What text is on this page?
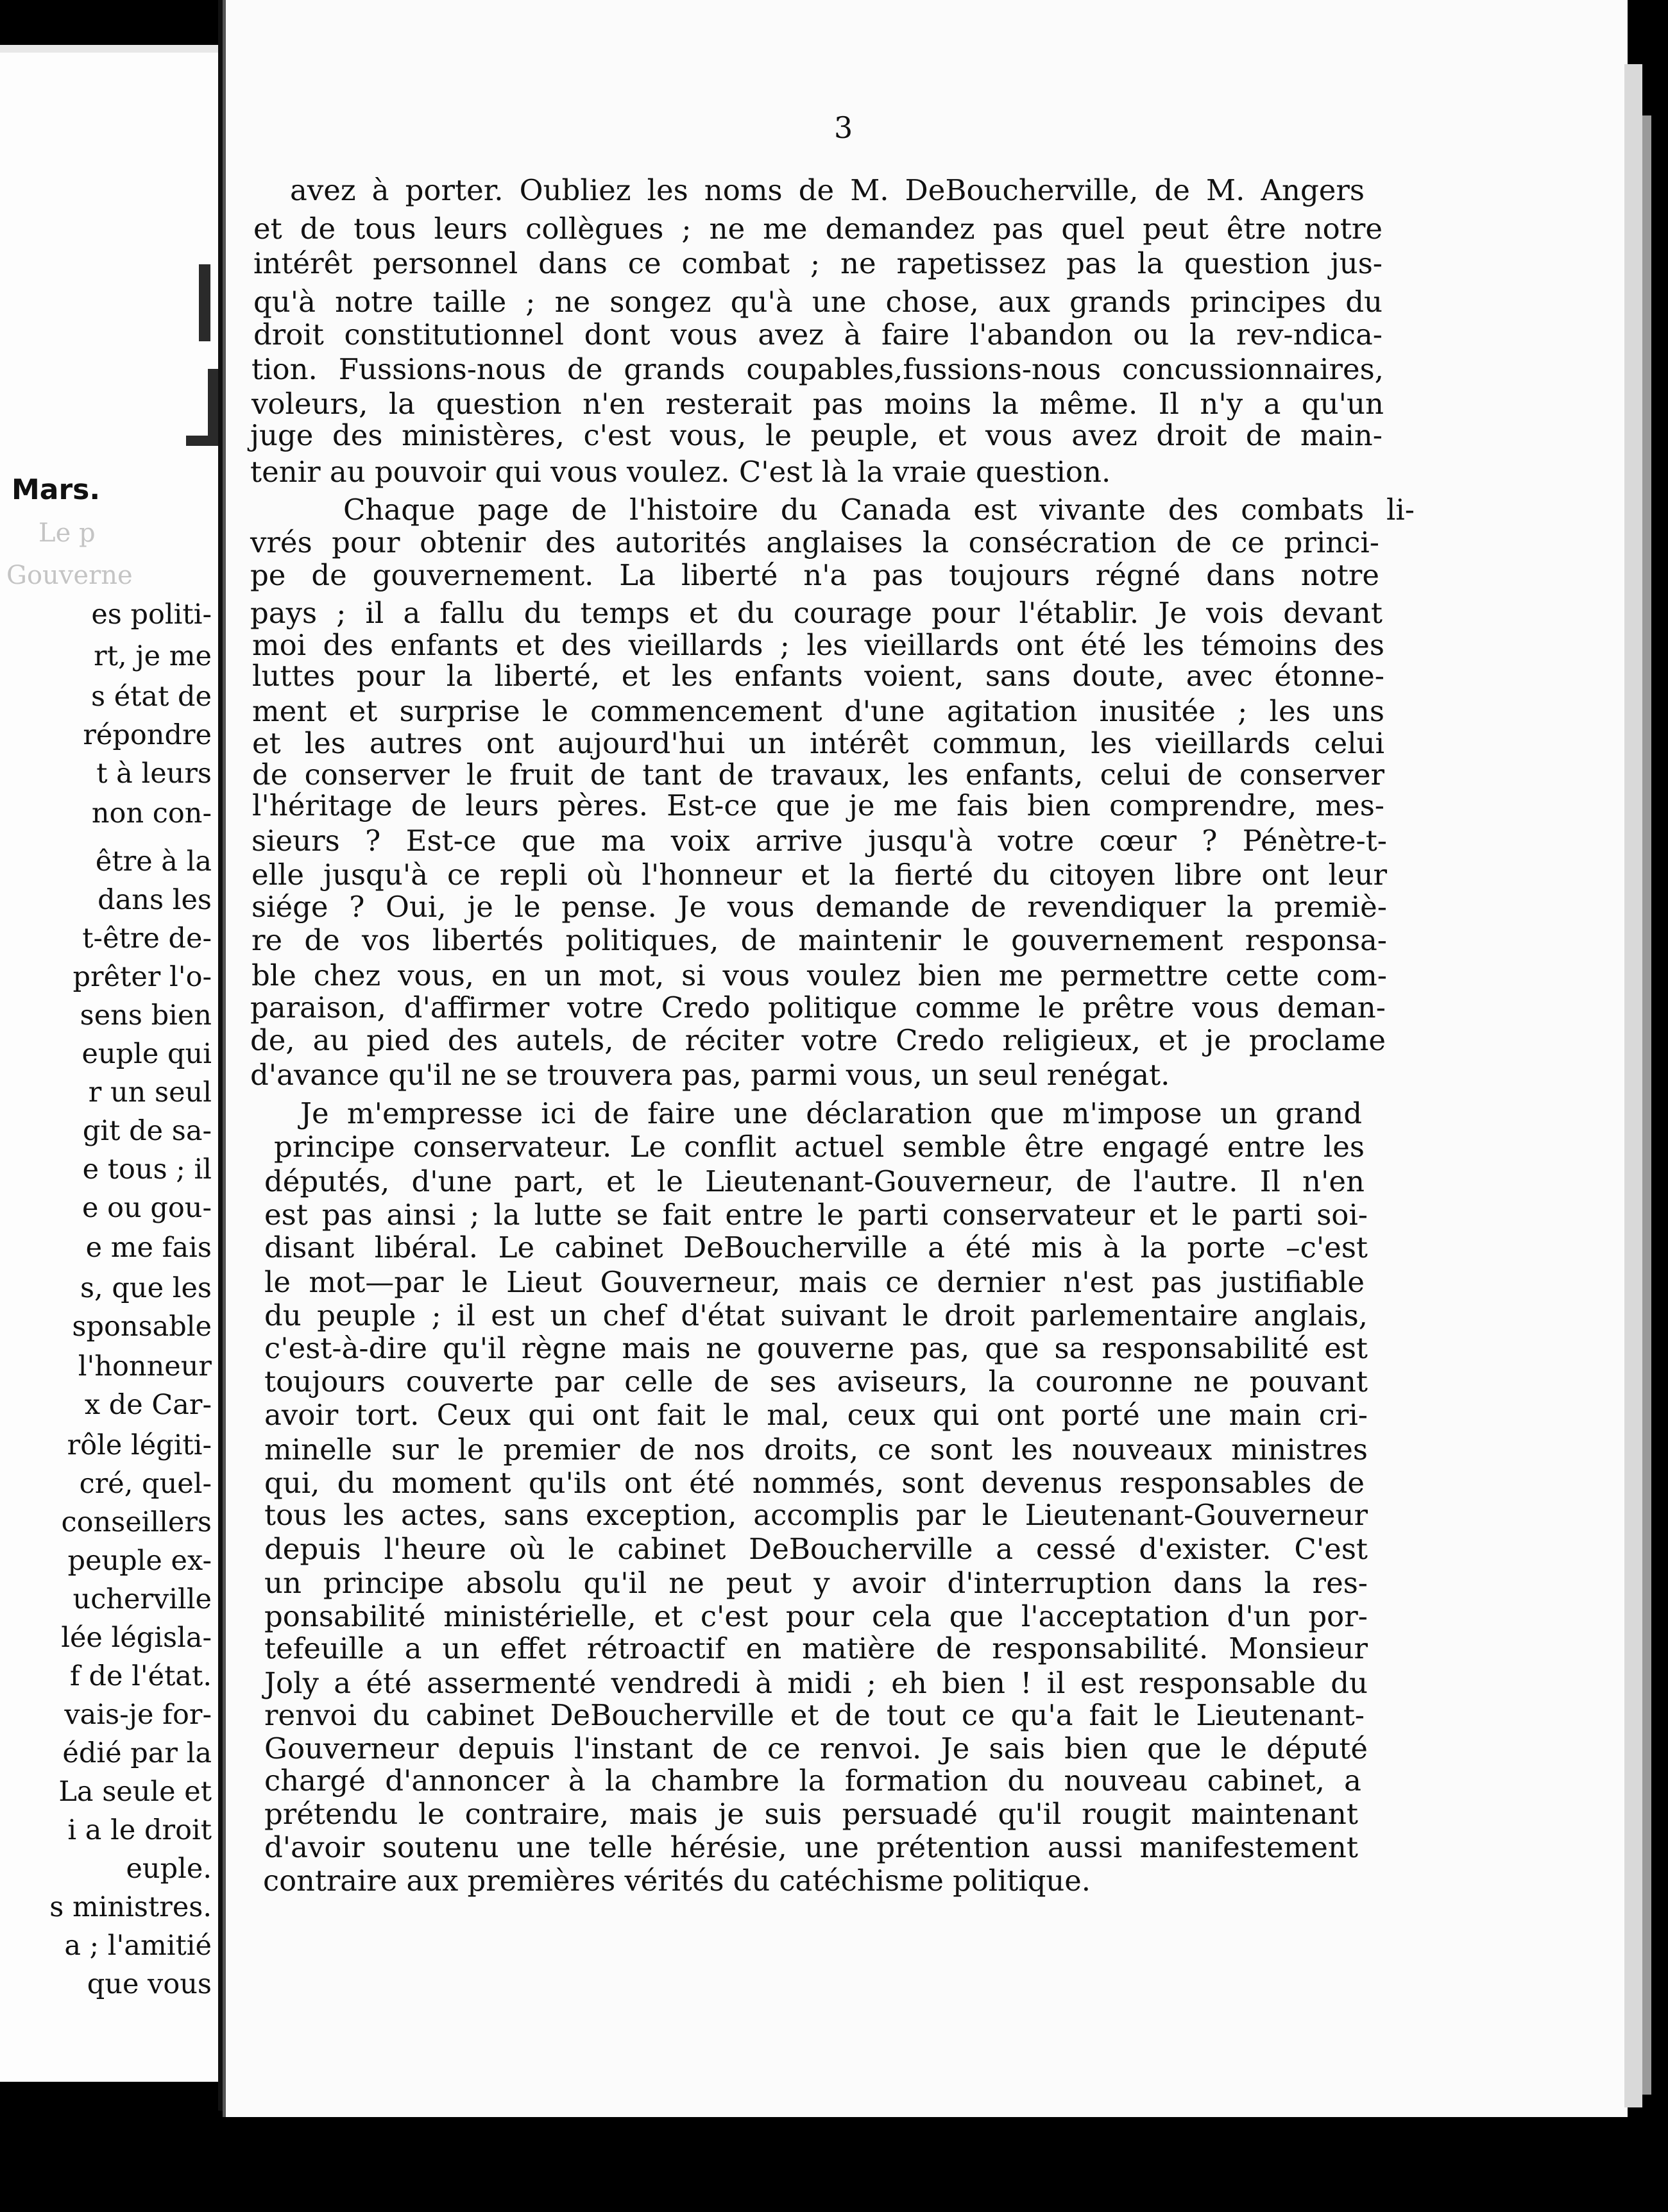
Mars.
Le p
Gouverne
es politi-
rt, je me
s état de
répondre
t à leurs
non con-
être à la
dans les
t-être de-
prêter l'o-
sens bien
euple qui
r un seul
git de sa-
e tous ; il
e ou gou-
e me fais
s, que les
sponsable
l'honneur
x de Car-
rôle légiti-
cré, quel-
conseillers
peuple ex-
ucherville
lée législa-
f de l'état.
vais-je for-
édié par la
La seule et
i a le droit
euple.
s ministres.
a ; l'amitié
que vous
3
avez à porter. Oubliez les noms de M. DeBoucherville, de M. Angers
et de tous leurs collègues ; ne me demandez pas quel peut être notre
intérêt personnel dans ce combat ; ne rapetissez pas la question jus-
qu'à notre taille ; ne songez qu'à une chose, aux grands principes du
droit constitutionnel dont vous avez à faire l'abandon ou la rev-ndica-
tion. Fussions-nous de grands coupables,fussions-nous concussionnaires,
voleurs, la question n'en resterait pas moins la même. Il n'y a qu'un
juge des ministères, c'est vous, le peuple, et vous avez droit de main-
tenir au pouvoir qui vous voulez. C'est là la vraie question.
Chaque page de l'histoire du Canada est vivante des combats li-
vrés pour obtenir des autorités anglaises la consécration de ce princi-
pe de gouvernement. La liberté n'a pas toujours régné dans notre
pays ; il a fallu du temps et du courage pour l'établir. Je vois devant
moi des enfants et des vieillards ; les vieillards ont été les témoins des
luttes pour la liberté, et les enfants voient, sans doute, avec étonne-
ment et surprise le commencement d'une agitation inusitée ; les uns
et les autres ont aujourd'hui un intérêt commun, les vieillards celui
de conserver le fruit de tant de travaux, les enfants, celui de conserver
l'héritage de leurs pères. Est-ce que je me fais bien comprendre, mes-
sieurs ? Est-ce que ma voix arrive jusqu'à votre cœur ? Pénètre-t-
elle jusqu'à ce repli où l'honneur et la fierté du citoyen libre ont leur
siége ? Oui, je le pense. Je vous demande de revendiquer la premiè-
re de vos libertés politiques, de maintenir le gouvernement responsa-
ble chez vous, en un mot, si vous voulez bien me permettre cette com-
paraison, d'affirmer votre Credo politique comme le prêtre vous deman-
de, au pied des autels, de réciter votre Credo religieux, et je proclame
d'avance qu'il ne se trouvera pas, parmi vous, un seul renégat.
Je m'empresse ici de faire une déclaration que m'impose un grand
principe conservateur. Le conflit actuel semble être engagé entre les
députés, d'une part, et le Lieutenant-Gouverneur, de l'autre. Il n'en
est pas ainsi ; la lutte se fait entre le parti conservateur et le parti soi-
disant libéral. Le cabinet DeBoucherville a été mis à la porte –c'est
le mot—par le Lieut Gouverneur, mais ce dernier n'est pas justifiable
du peuple ; il est un chef d'état suivant le droit parlementaire anglais,
c'est-à-dire qu'il règne mais ne gouverne pas, que sa responsabilité est
toujours couverte par celle de ses aviseurs, la couronne ne pouvant
avoir tort. Ceux qui ont fait le mal, ceux qui ont porté une main cri-
minelle sur le premier de nos droits, ce sont les nouveaux ministres
qui, du moment qu'ils ont été nommés, sont devenus responsables de
tous les actes, sans exception, accomplis par le Lieutenant-Gouverneur
depuis l'heure où le cabinet DeBoucherville a cessé d'exister. C'est
un principe absolu qu'il ne peut y avoir d'interruption dans la res-
ponsabilité ministérielle, et c'est pour cela que l'acceptation d'un por-
tefeuille a un effet rétroactif en matière de responsabilité. Monsieur
Joly a été assermenté vendredi à midi ; eh bien ! il est responsable du
renvoi du cabinet DeBoucherville et de tout ce qu'a fait le Lieutenant-
Gouverneur depuis l'instant de ce renvoi. Je sais bien que le député
chargé d'annoncer à la chambre la formation du nouveau cabinet, a
prétendu le contraire, mais je suis persuadé qu'il rougit maintenant
d'avoir soutenu une telle hérésie, une prétention aussi manifestement
contraire aux premières vérités du catéchisme politique.
